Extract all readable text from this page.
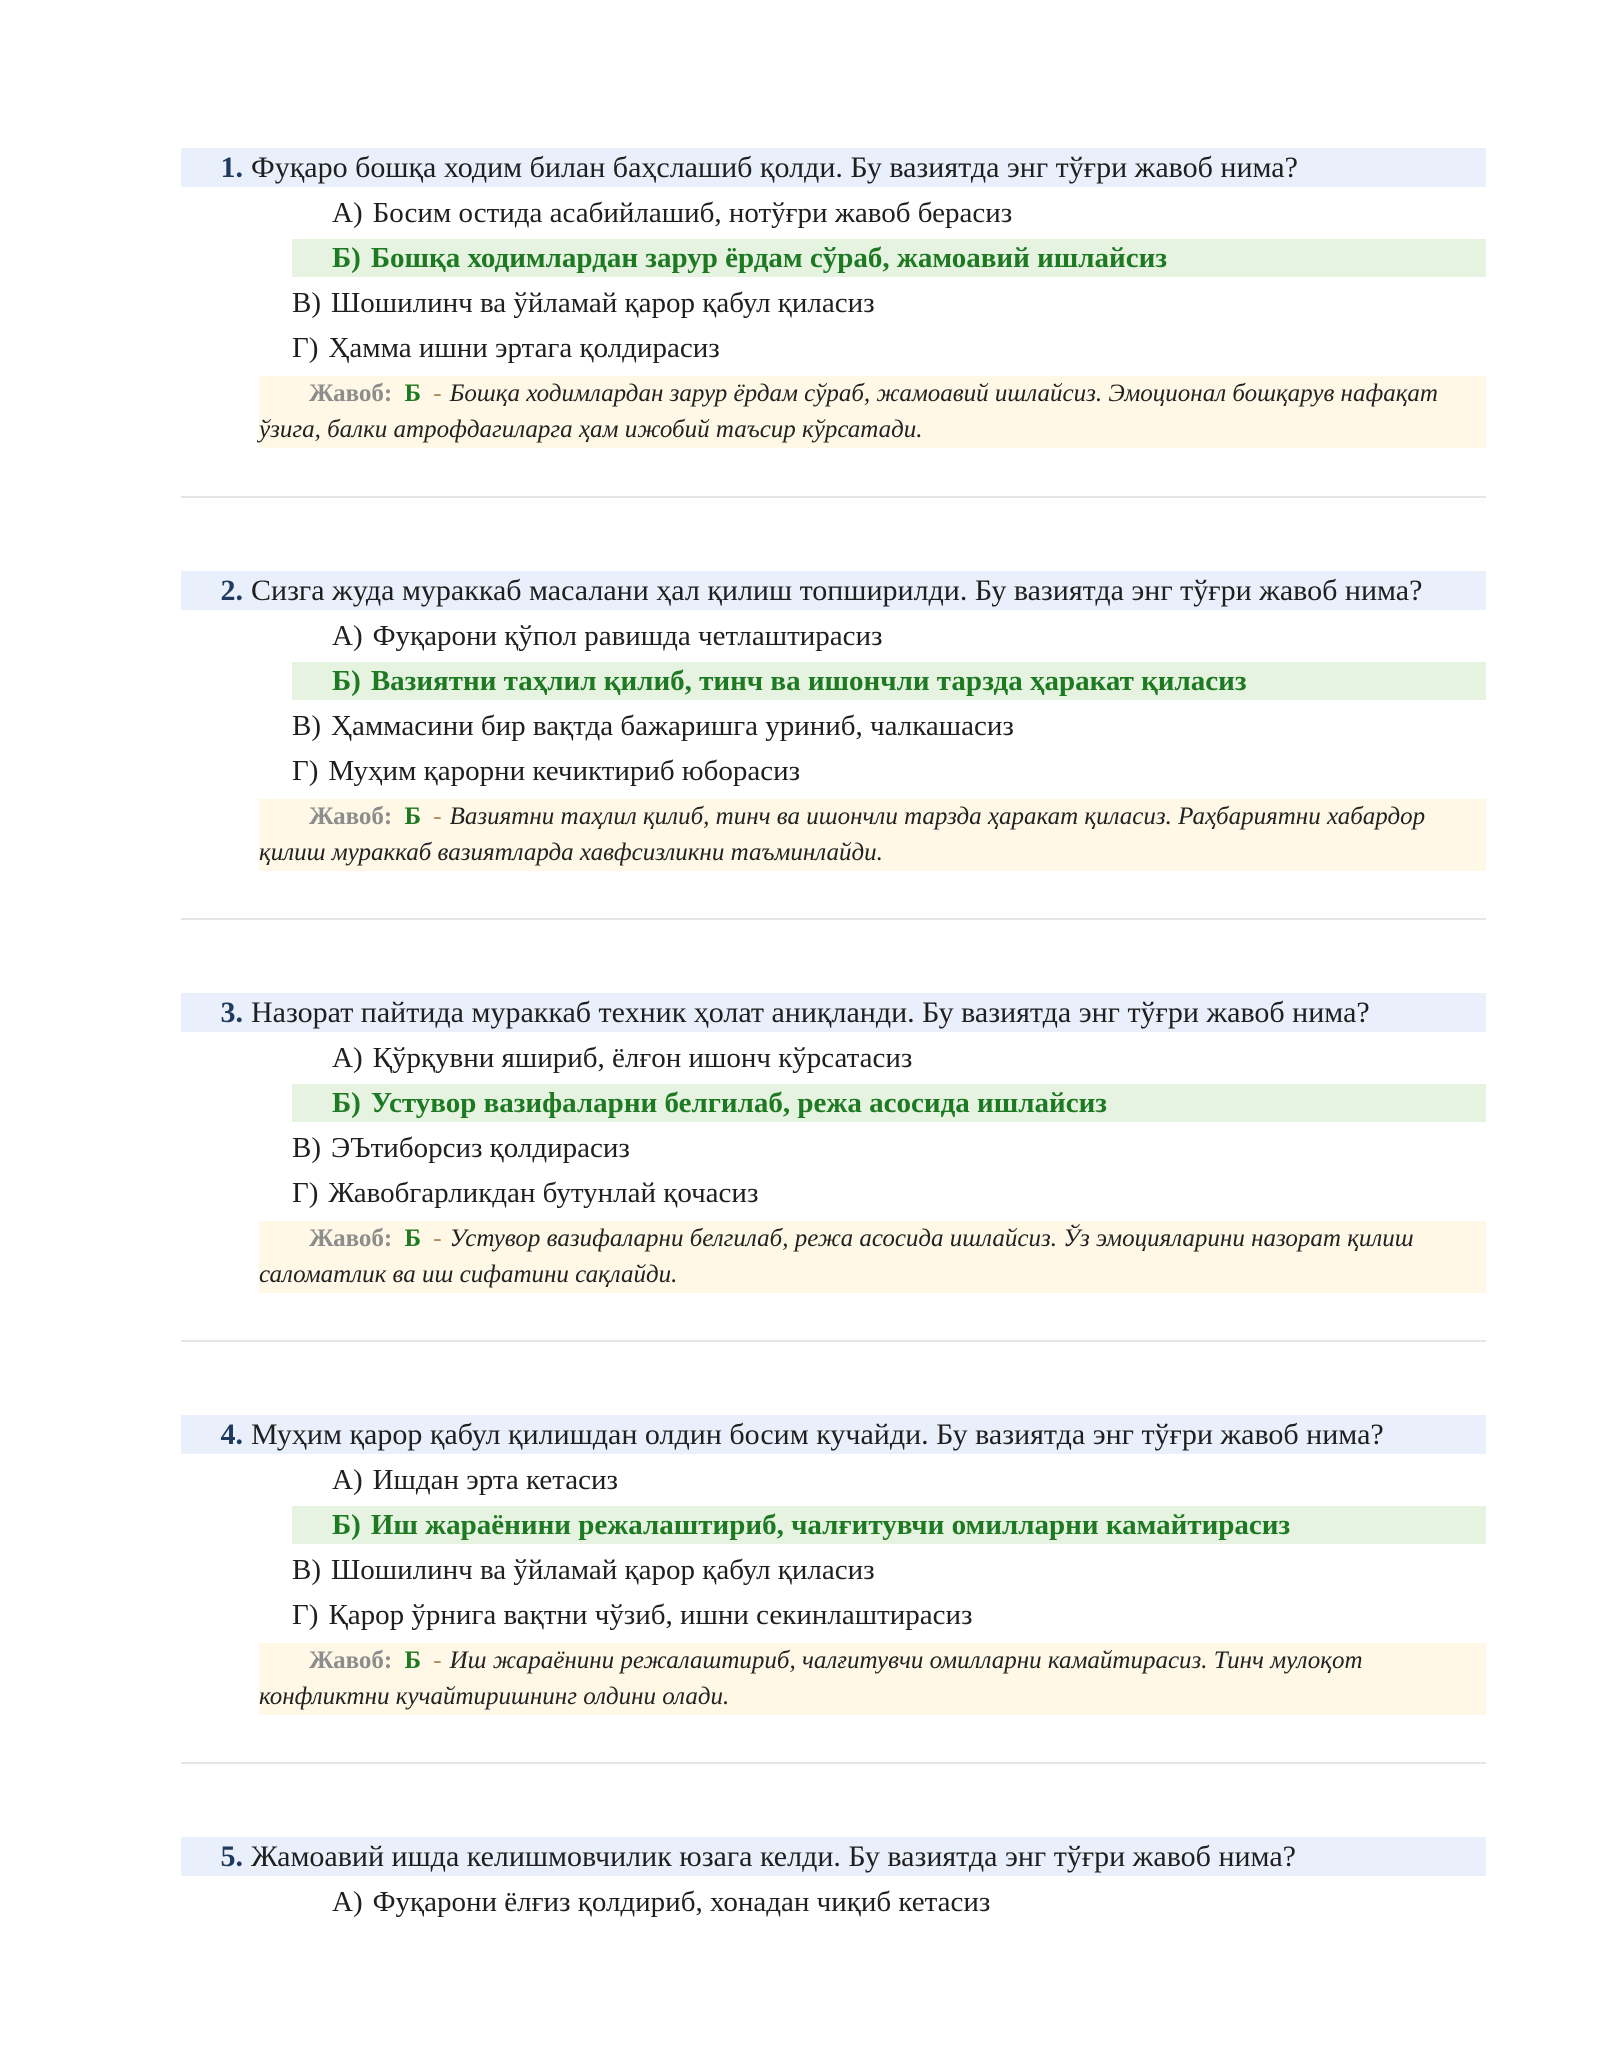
1. Фуқаро бошқа ходим билан баҳслашиб қолди. Бу вазиятда энг тўғри жавоб нима?
А) Босим остида асабийлашиб, нотўғри жавоб берасиз
Б) Бошқа ходимлардан зарур ёрдам сўраб, жамоавий ишлайсиз
В) Шошилинч ва ўйламай қарор қабул қиласиз
Г) Ҳамма ишни эртага қолдирасиз
Жавоб: Б - Бошқа ходимлардан зарур ёрдам сўраб, жамоавий ишлайсиз. Эмоционал бошқарув нафақат ўзига, балки атрофдагиларга ҳам ижобий таъсир кўрсатади.
2. Сизга жуда мураккаб масалани ҳал қилиш топширилди. Бу вазиятда энг тўғри жавоб нима?
А) Фуқарони қўпол равишда четлаштирасиз
Б) Вазиятни таҳлил қилиб, тинч ва ишончли тарзда ҳаракат қиласиз
В) Ҳаммасини бир вақтда бажаришга уриниб, чалкашасиз
Г) Муҳим қарорни кечиктириб юборасиз
Жавоб: Б - Вазиятни таҳлил қилиб, тинч ва ишончли тарзда ҳаракат қиласиз. Раҳбариятни хабардор қилиш мураккаб вазиятларда хавфсизликни таъминлайди.
3. Назорат пайтида мураккаб техник ҳолат аниқланди. Бу вазиятда энг тўғри жавоб нима?
А) Қўрқувни яшириб, ёлғон ишонч кўрсатасиз
Б) Устувор вазифаларни белгилаб, режа асосида ишлайсиз
В) ЭЪтиборсиз қолдирасиз
Г) Жавобгарликдан бутунлай қочасиз
Жавоб: Б - Устувор вазифаларни белгилаб, режа асосида ишлайсиз. Ўз эмоцияларини назорат қилиш саломатлик ва иш сифатини сақлайди.
4. Муҳим қарор қабул қилишдан олдин босим кучайди. Бу вазиятда энг тўғри жавоб нима?
А) Ишдан эрта кетасиз
Б) Иш жараёнини режалаштириб, чалғитувчи омилларни камайтирасиз
В) Шошилинч ва ўйламай қарор қабул қиласиз
Г) Қарор ўрнига вақтни чўзиб, ишни секинлаштирасиз
Жавоб: Б - Иш жараёнини режалаштириб, чалғитувчи омилларни камайтирасиз. Тинч мулоқот конфликтни кучайтиришнинг олдини олади.
5. Жамоавий ишда келишмовчилик юзага келди. Бу вазиятда энг тўғри жавоб нима?
А) Фуқарони ёлғиз қолдириб, хонадан чиқиб кетасиз
